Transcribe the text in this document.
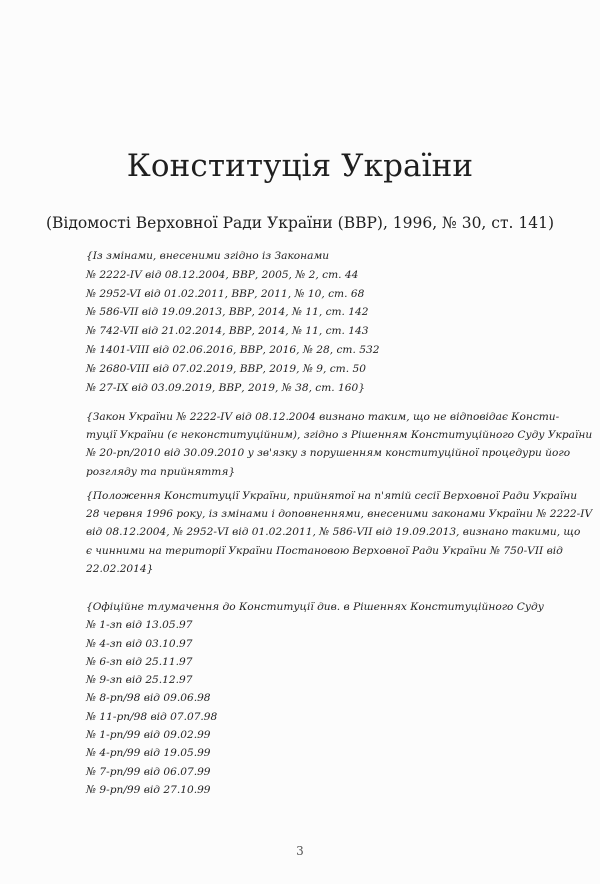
Конституція України
(Відомості Верховної Ради України (ВВР), 1996, № 30, ст. 141)
{Із змінами, внесеними згідно із Законами
№ 2222-IV від 08.12.2004, ВВР, 2005, № 2, ст. 44
№ 2952-VI від 01.02.2011, ВВР, 2011, № 10, ст. 68
№ 586-VII від 19.09.2013, ВВР, 2014, № 11, ст. 142
№ 742-VII від 21.02.2014, ВВР, 2014, № 11, ст. 143
№ 1401-VIII від 02.06.2016, ВВР, 2016, № 28, ст. 532
№ 2680-VIII від 07.02.2019, ВВР, 2019, № 9, ст. 50
№ 27-IX від 03.09.2019, ВВР, 2019, № 38, ст. 160}
{Закон України № 2222-IV від 08.12.2004 визнано таким, що не відповідає Консти-
туції України (є неконституційним), згідно з Рішенням Конституційного Суду України
№ 20-рп/2010 від 30.09.2010 у зв'язку з порушенням конституційної процедури його
розгляду та прийняття}
{Положення Конституції України, прийнятої на п'ятій сесії Верховної Ради України
28 червня 1996 року, із змінами і доповненнями, внесеними законами України № 2222-IV
від 08.12.2004, № 2952-VI від 01.02.2011, № 586-VII від 19.09.2013, визнано такими, що
є чинними на території України Постановою Верховної Ради України № 750-VII від
22.02.2014}
{Офіційне тлумачення до Конституції див. в Рішеннях Конституційного Суду
№ 1-зп від 13.05.97
№ 4-зп від 03.10.97
№ 6-зп від 25.11.97
№ 9-зп від 25.12.97
№ 8-рп/98 від 09.06.98
№ 11-рп/98 від 07.07.98
№ 1-рп/99 від 09.02.99
№ 4-рп/99 від 19.05.99
№ 7-рп/99 від 06.07.99
№ 9-рп/99 від 27.10.99
3
